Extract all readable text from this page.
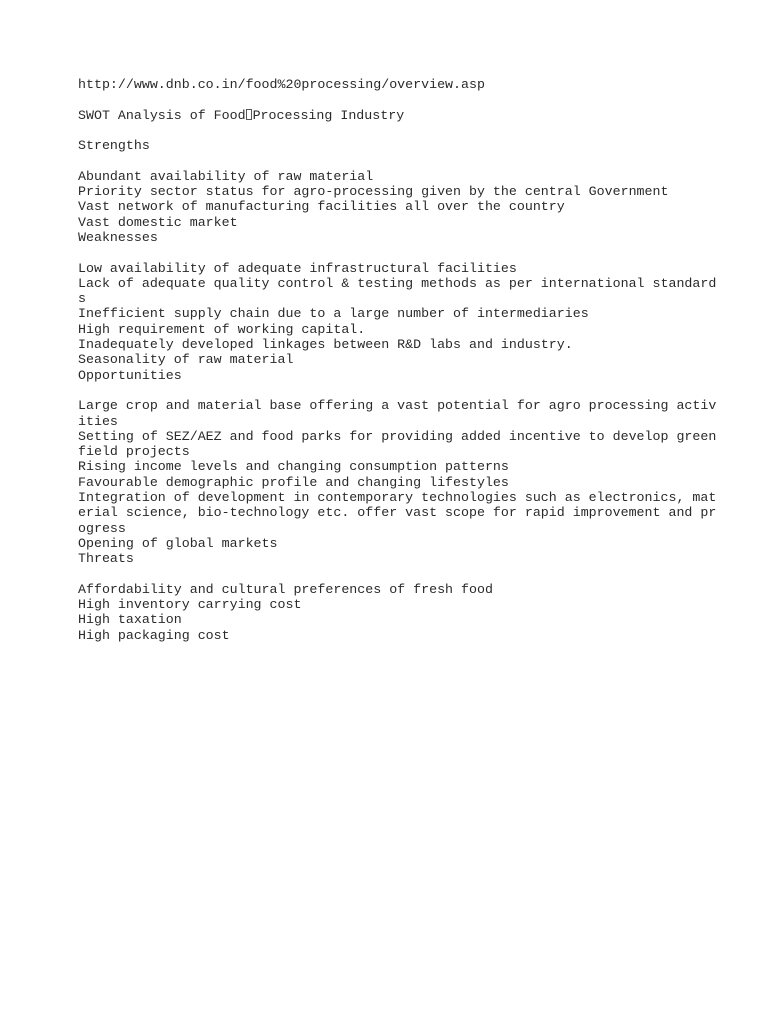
http://www.dnb.co.in/food%20processing/overview.asp
SWOT Analysis of Food Processing Industry
Strengths
Abundant availability of raw material
Priority sector status for agro-processing given by the central Government
Vast network of manufacturing facilities all over the country
Vast domestic market
Weaknesses
Low availability of adequate infrastructural facilities
Lack of adequate quality control & testing methods as per international standard
s
Inefficient supply chain due to a large number of intermediaries
High requirement of working capital.
Inadequately developed linkages between R&D labs and industry.
Seasonality of raw material
Opportunities
Large crop and material base offering a vast potential for agro processing activ
ities
Setting of SEZ/AEZ and food parks for providing added incentive to develop green
field projects
Rising income levels and changing consumption patterns
Favourable demographic profile and changing lifestyles
Integration of development in contemporary technologies such as electronics, mat
erial science, bio-technology etc. offer vast scope for rapid improvement and pr
ogress
Opening of global markets
Threats
Affordability and cultural preferences of fresh food
High inventory carrying cost
High taxation
High packaging cost
